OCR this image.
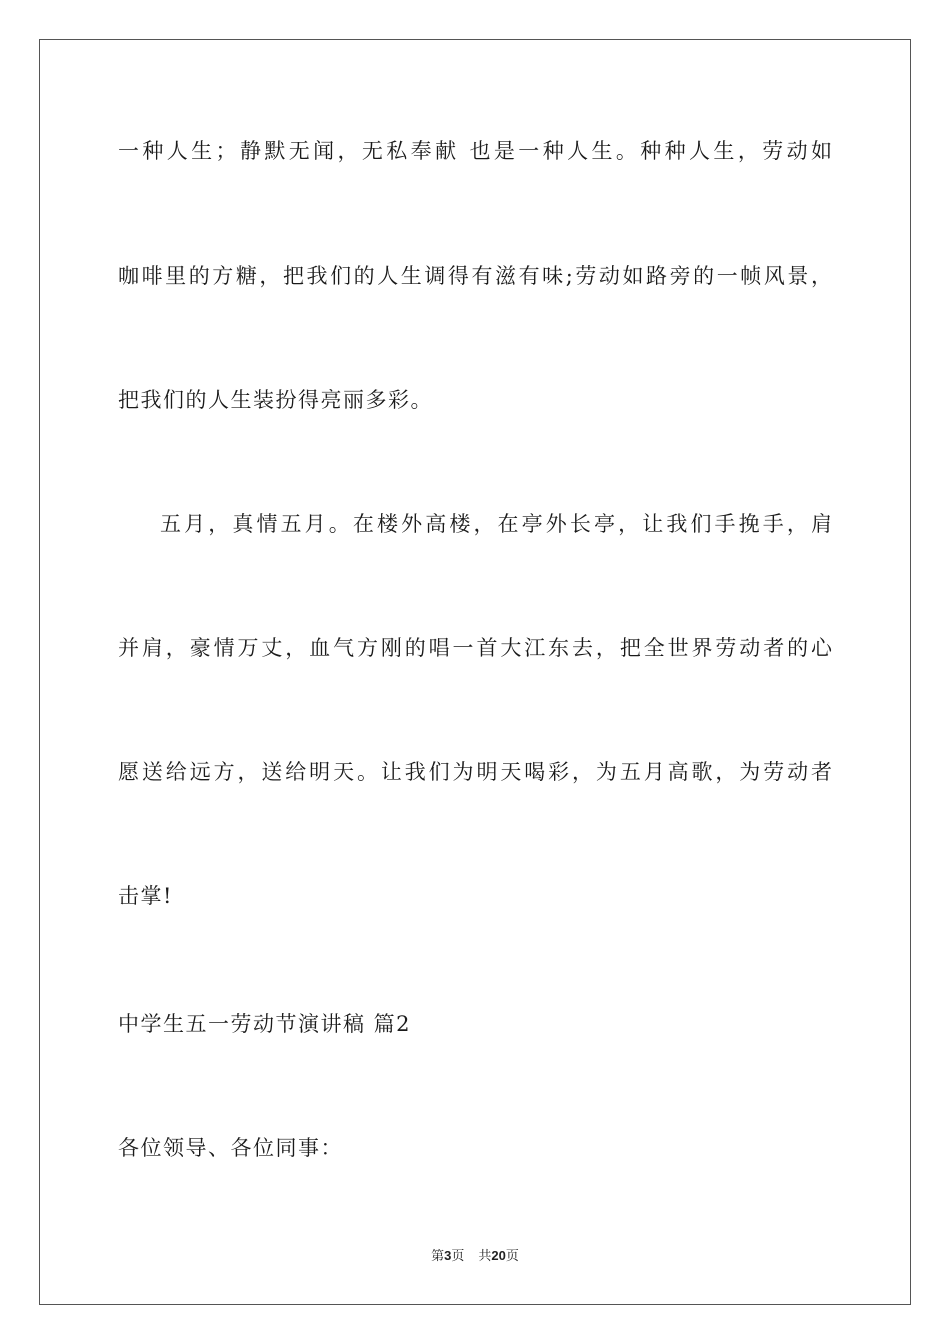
一种人生；静默无闻，无私奉献 也是一种人生。种种人生，劳动如
咖啡里的方糖，把我们的人生调得有滋有味;劳动如路旁的一帧风景，
把我们的人生装扮得亮丽多彩。
五月，真情五月。在楼外高楼，在亭外长亭，让我们手挽手，肩
并肩，豪情万丈，血气方刚的唱一首大江东去，把全世界劳动者的心
愿送给远方，送给明天。让我们为明天喝彩，为五月高歌，为劳动者
击掌!
中学生五一劳动节演讲稿 篇2
各位领导、各位同事：
第3页 共20页
